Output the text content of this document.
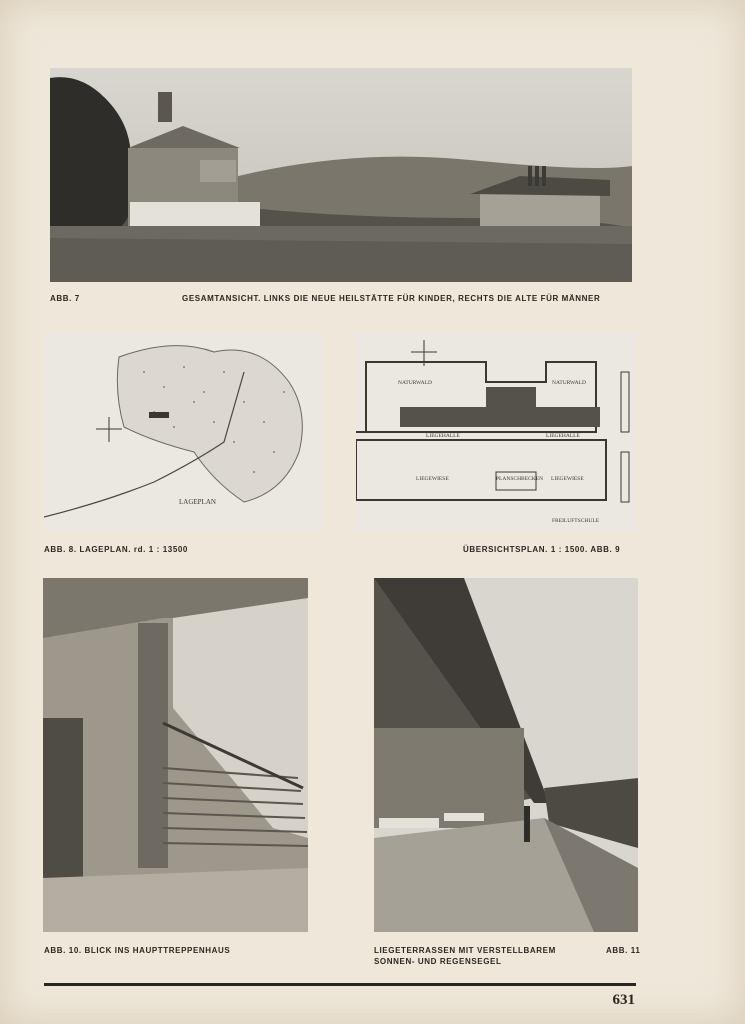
ABB. 7	GESAMTANSICHT. LINKS DIE NEUE HEILSTÄTTE FÜR KINDER, RECHTS DIE ALTE FÜR MÄNNER
LAGEPLAN
ABB. 8. LAGEPLAN. rd. 1 : 13500
NATURWALD	NATURWALD
LIEGEHALLE	LIEGEHALLE
LIEGEWIESE	LIEGEWIESE
PLANSCHBECKEN
FREILUFTSCHULE
ÜBERSICHTSPLAN. 1 : 1500. ABB. 9
ABB. 10. BLICK INS HAUPTTREPPENHAUS	LIEGETERRASSEN MIT VERSTELLBAREM
SONNEN- UND REGENSEGEL
ABB. 11
631
